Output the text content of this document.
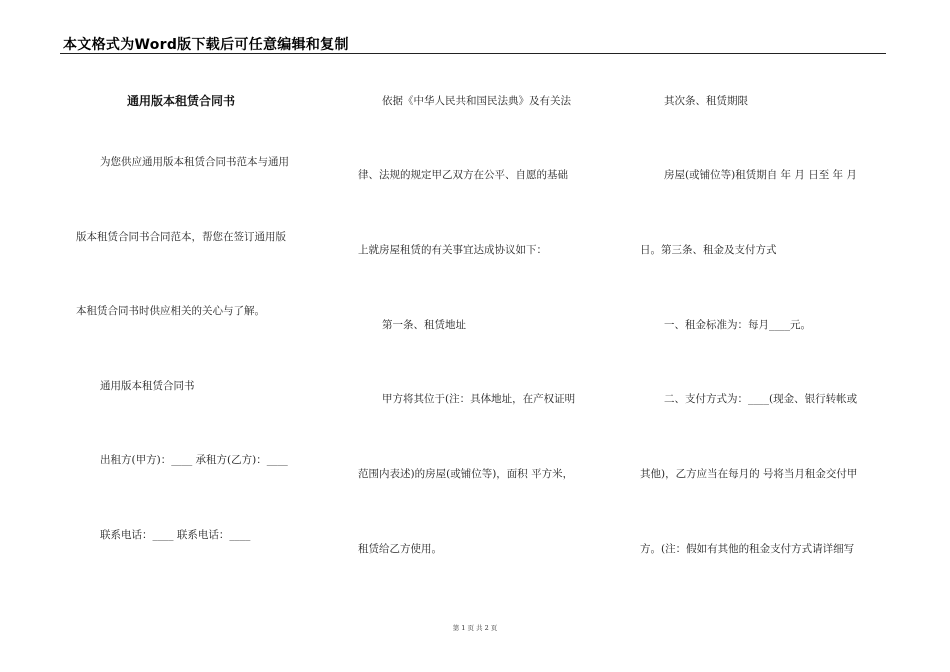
本文格式为Word版下载后可任意编辑和复制
通用版本租赁合同书
为您供应通用版本租赁合同书范本与通用
版本租赁合同书合同范本，帮您在签订通用版
本租赁合同书时供应相关的关心与了解。
通用版本租赁合同书
出租方(甲方)：____ 承租方(乙方)：____
联系电话：____ 联系电话：____
依据《中华人民共和国民法典》及有关法
律、法规的规定甲乙双方在公平、自愿的基础
上就房屋租赁的有关事宜达成协议如下：
第一条、租赁地址
甲方将其位于(注：具体地址，在产权证明
范围内表述)的房屋(或铺位等)，面积 平方米，
租赁给乙方使用。
其次条、租赁期限
房屋(或铺位等)租赁期自 年 月 日至 年 月
日。第三条、租金及支付方式
一、租金标准为：每月____元。
二、支付方式为：____(现金、银行转帐或
其他)，乙方应当在每月的 号将当月租金交付甲
方。(注：假如有其他的租金支付方式请详细写
第 1 页 共 2 页
